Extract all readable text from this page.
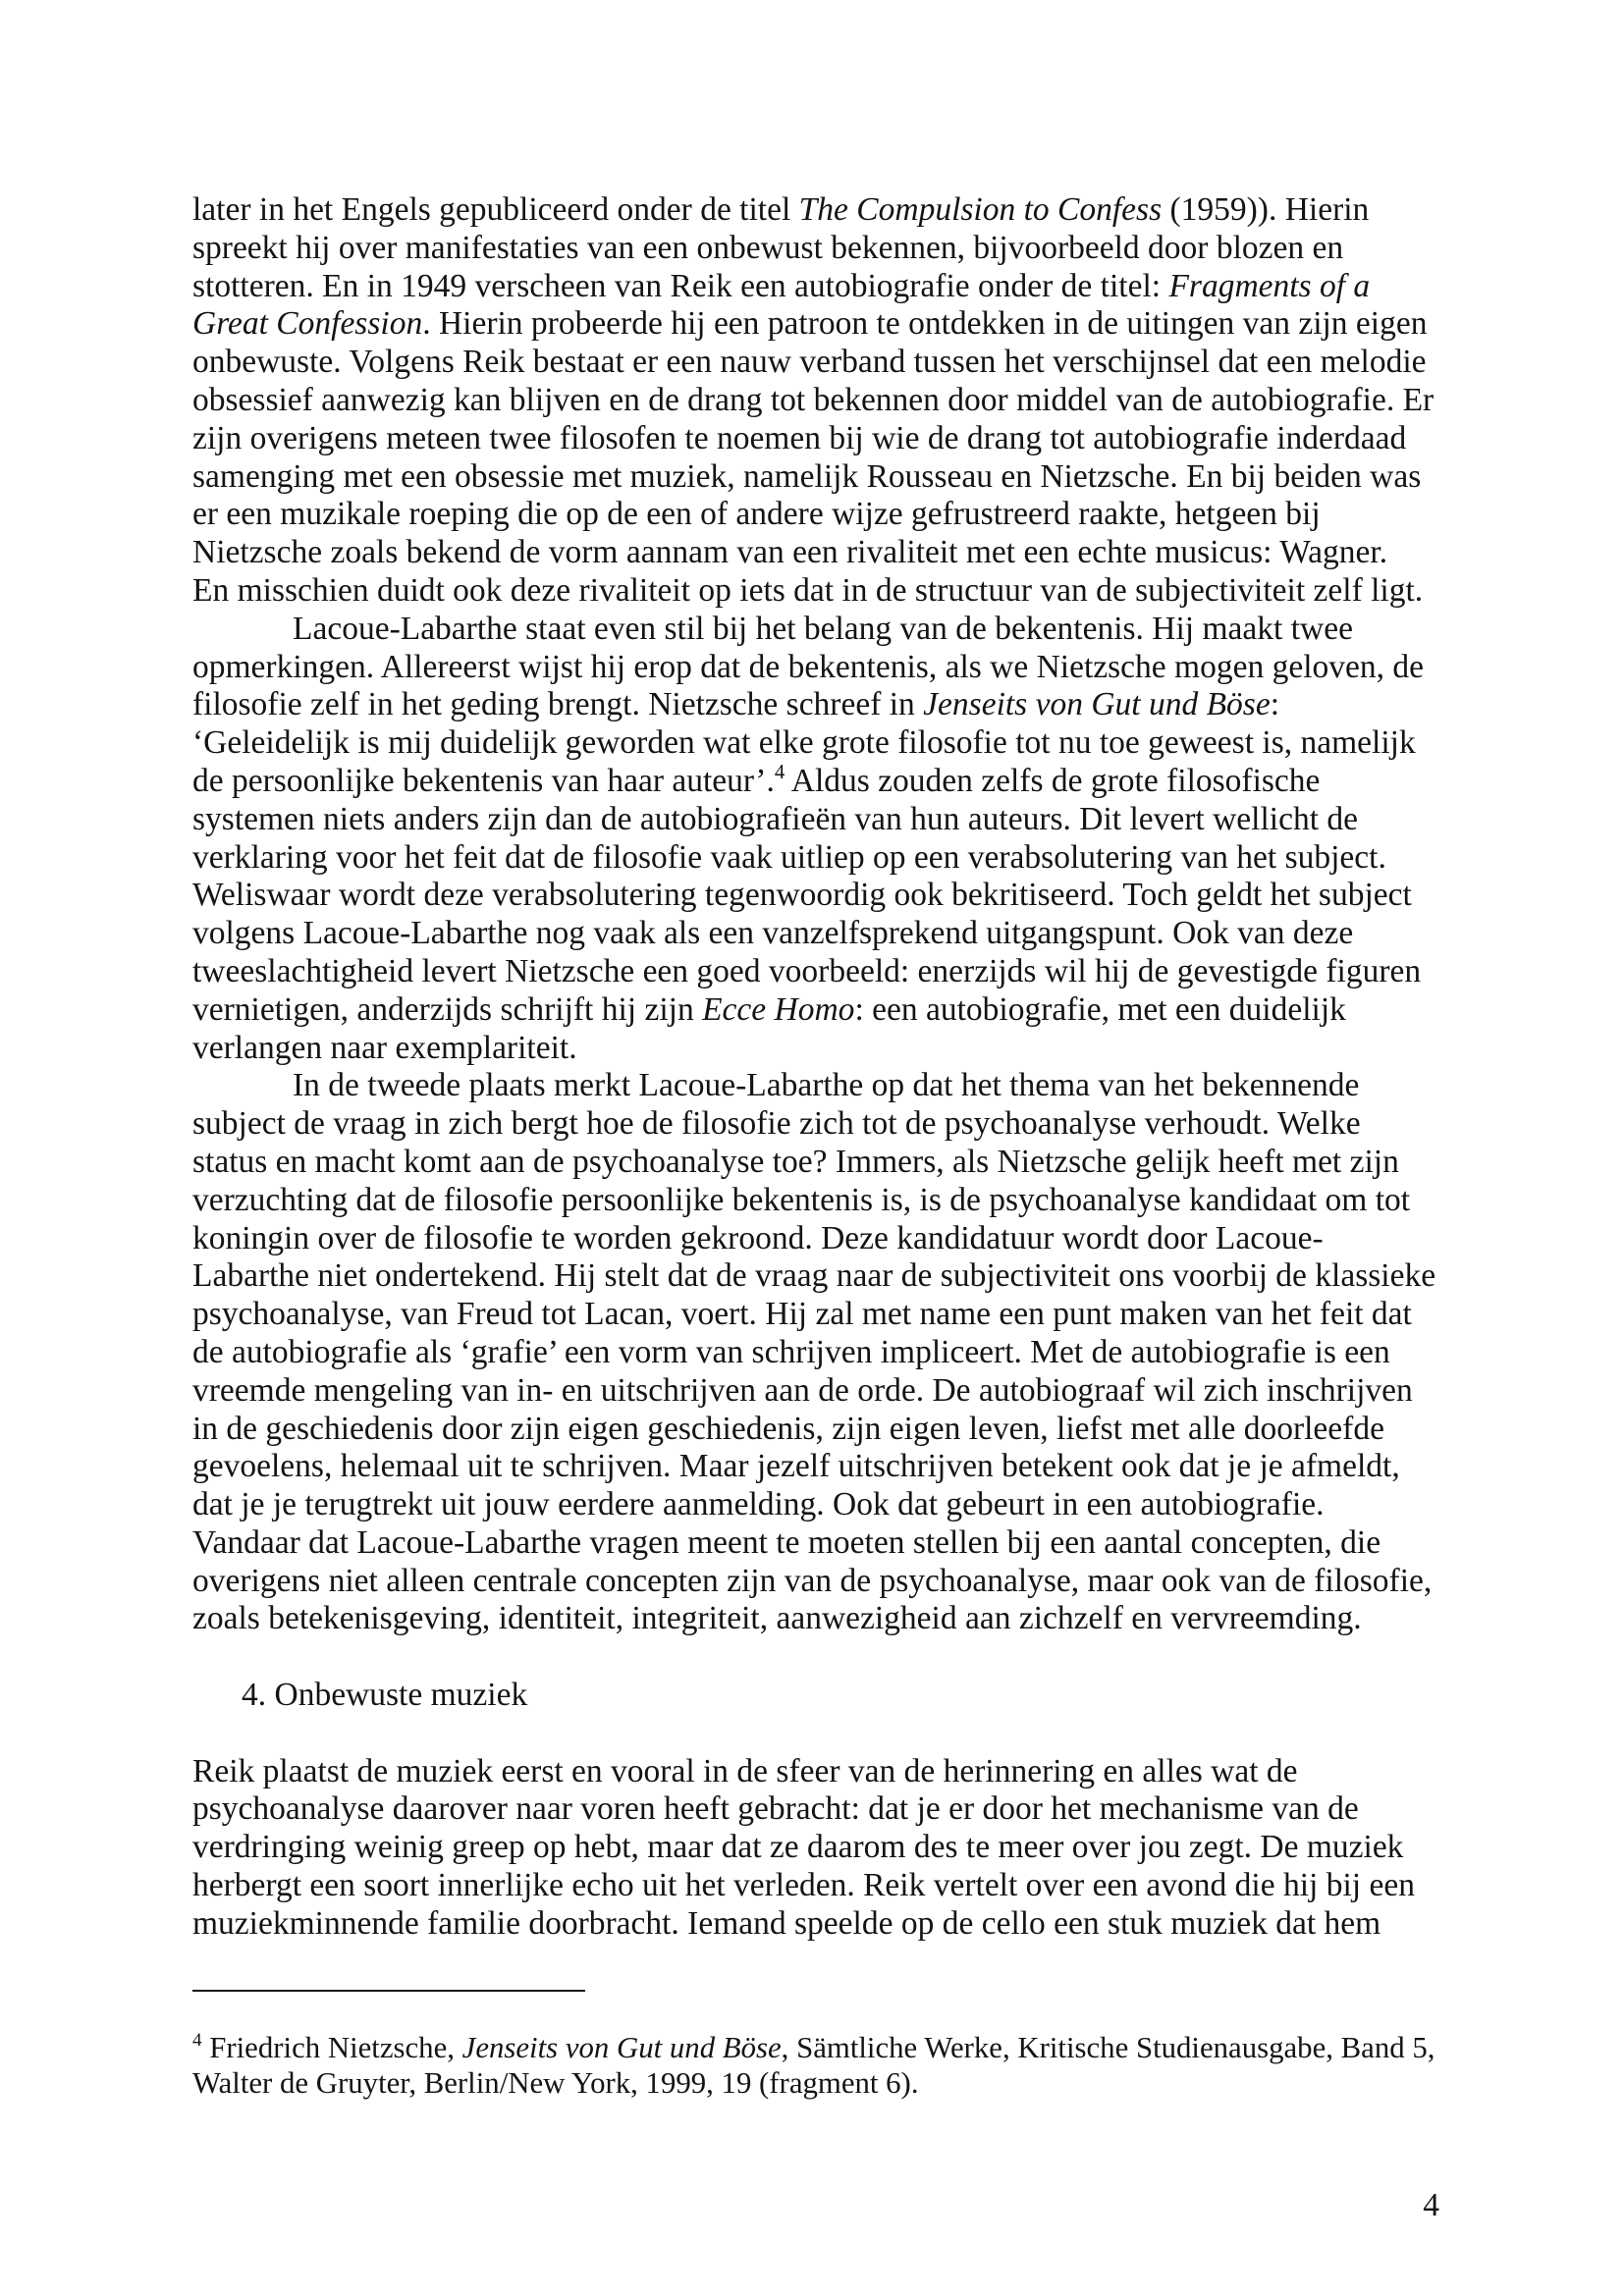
later in het Engels gepubliceerd onder de titel The Compulsion to Confess (1959)). Hierin
spreekt hij over manifestaties van een onbewust bekennen, bijvoorbeeld door blozen en
stotteren. En in 1949 verscheen van Reik een autobiografie onder de titel: Fragments of a
Great Confession. Hierin probeerde hij een patroon te ontdekken in de uitingen van zijn eigen
onbewuste. Volgens Reik bestaat er een nauw verband tussen het verschijnsel dat een melodie
obsessief aanwezig kan blijven en de drang tot bekennen door middel van de autobiografie. Er
zijn overigens meteen twee filosofen te noemen bij wie de drang tot autobiografie inderdaad
samenging met een obsessie met muziek, namelijk Rousseau en Nietzsche. En bij beiden was
er een muzikale roeping die op de een of andere wijze gefrustreerd raakte, hetgeen bij
Nietzsche zoals bekend de vorm aannam van een rivaliteit met een echte musicus: Wagner.
En misschien duidt ook deze rivaliteit op iets dat in de structuur van de subjectiviteit zelf ligt.
Lacoue-Labarthe staat even stil bij het belang van de bekentenis. Hij maakt twee
opmerkingen. Allereerst wijst hij erop dat de bekentenis, als we Nietzsche mogen geloven, de
filosofie zelf in het geding brengt. Nietzsche schreef in Jenseits von Gut und Böse:
‘Geleidelijk is mij duidelijk geworden wat elke grote filosofie tot nu toe geweest is, namelijk
de persoonlijke bekentenis van haar auteur’.$^4$ Aldus zouden zelfs de grote filosofische
systemen niets anders zijn dan de autobiografieën van hun auteurs. Dit levert wellicht de
verklaring voor het feit dat de filosofie vaak uitliep op een verabsolutering van het subject.
Weliswaar wordt deze verabsolutering tegenwoordig ook bekritiseerd. Toch geldt het subject
volgens Lacoue-Labarthe nog vaak als een vanzelfsprekend uitgangspunt. Ook van deze
tweeslachtigheid levert Nietzsche een goed voorbeeld: enerzijds wil hij de gevestigde figuren
vernietigen, anderzijds schrijft hij zijn Ecce Homo: een autobiografie, met een duidelijk
verlangen naar exemplariteit.
In de tweede plaats merkt Lacoue-Labarthe op dat het thema van het bekennende
subject de vraag in zich bergt hoe de filosofie zich tot de psychoanalyse verhoudt. Welke
status en macht komt aan de psychoanalyse toe? Immers, als Nietzsche gelijk heeft met zijn
verzuchting dat de filosofie persoonlijke bekentenis is, is de psychoanalyse kandidaat om tot
koningin over de filosofie te worden gekroond. Deze kandidatuur wordt door Lacoue-
Labarthe niet ondertekend. Hij stelt dat de vraag naar de subjectiviteit ons voorbij de klassieke
psychoanalyse, van Freud tot Lacan, voert. Hij zal met name een punt maken van het feit dat
de autobiografie als ‘grafie’ een vorm van schrijven impliceert. Met de autobiografie is een
vreemde mengeling van in- en uitschrijven aan de orde. De autobiograaf wil zich inschrijven
in de geschiedenis door zijn eigen geschiedenis, zijn eigen leven, liefst met alle doorleefde
gevoelens, helemaal uit te schrijven. Maar jezelf uitschrijven betekent ook dat je je afmeldt,
dat je je terugtrekt uit jouw eerdere aanmelding. Ook dat gebeurt in een autobiografie.
Vandaar dat Lacoue-Labarthe vragen meent te moeten stellen bij een aantal concepten, die
overigens niet alleen centrale concepten zijn van de psychoanalyse, maar ook van de filosofie,
zoals betekenisgeving, identiteit, integriteit, aanwezigheid aan zichzelf en vervreemding.
4. Onbewuste muziek
Reik plaatst de muziek eerst en vooral in de sfeer van de herinnering en alles wat de
psychoanalyse daarover naar voren heeft gebracht: dat je er door het mechanisme van de
verdringing weinig greep op hebt, maar dat ze daarom des te meer over jou zegt. De muziek
herbergt een soort innerlijke echo uit het verleden. Reik vertelt over een avond die hij bij een
muziekminnende familie doorbracht. Iemand speelde op de cello een stuk muziek dat hem
$^4$ Friedrich Nietzsche, Jenseits von Gut und Böse, Sämtliche Werke, Kritische Studienausgabe, Band 5,
Walter de Gruyter, Berlin/New York, 1999, 19 (fragment 6).
4
